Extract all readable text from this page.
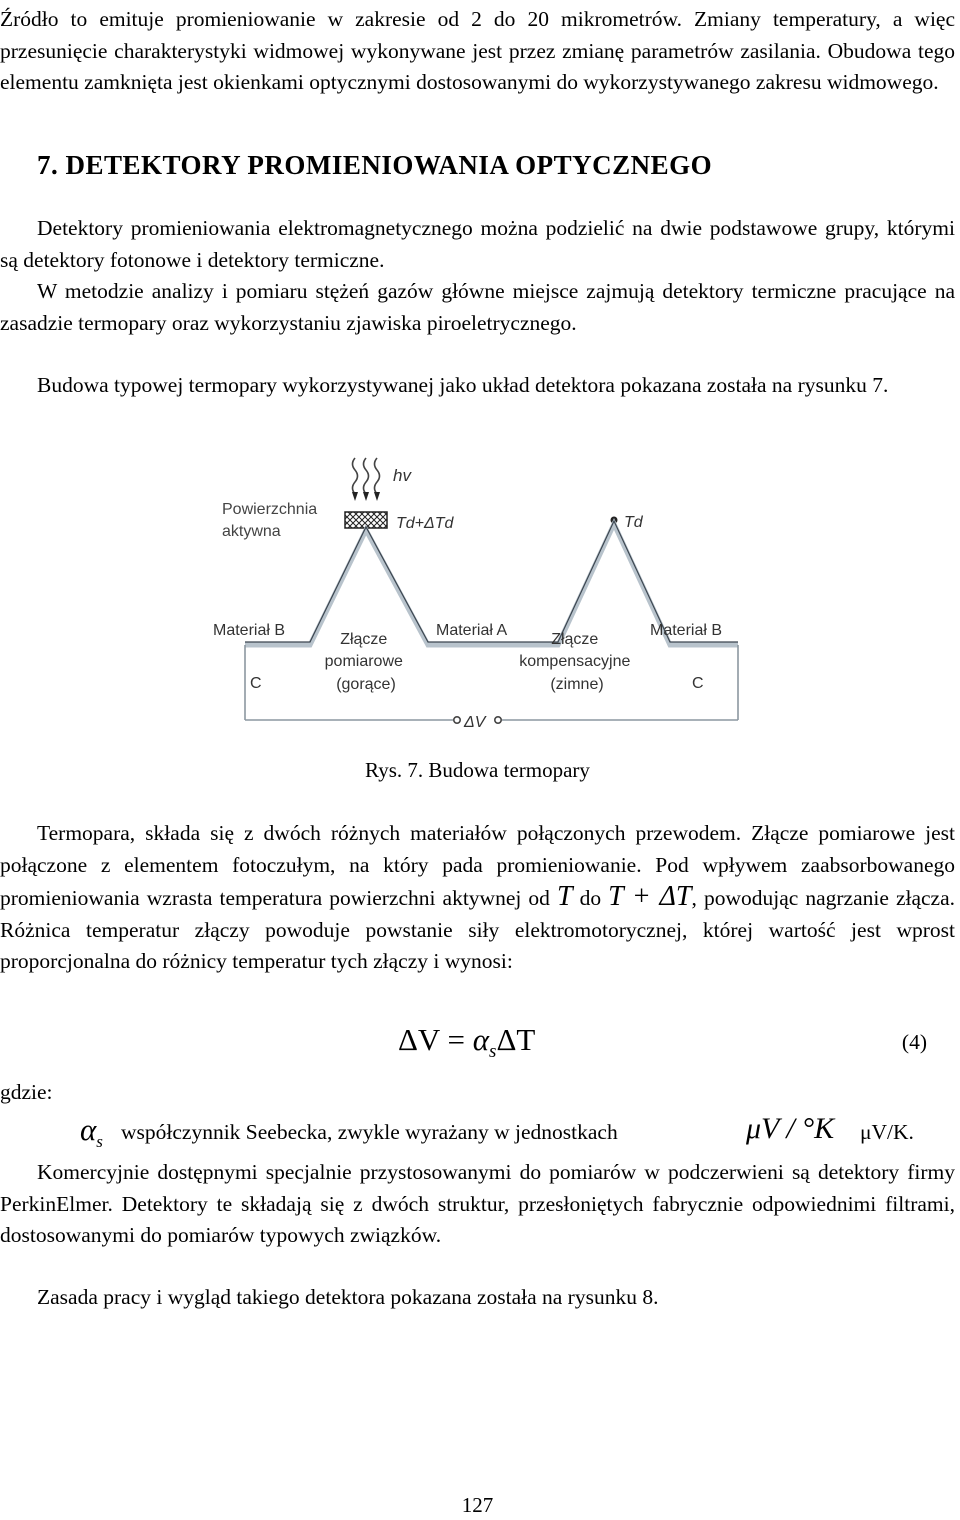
Źródło to emituje promieniowanie w zakresie od 2 do 20 mikrometrów. Zmiany temperatury, a więc przesunięcie charakterystyki widmowej wykonywane jest przez zmianę parametrów zasilania. Obudowa tego elementu zamknięta jest okienkami optycznymi dostosowanymi do wykorzystywanego zakresu widmowego.

7. DETEKTORY PROMIENIOWANIA OPTYCZNEGO

Detektory promieniowania elektromagnetycznego można podzielić na dwie podstawowe grupy, którymi są detektory fotonowe i detektory termiczne.

W metodzie analizy i pomiaru stężeń gazów główne miejsce zajmują detektory termiczne pracujące na zasadzie termopary oraz wykorzystaniu zjawiska piroeletrycznego.

Budowa typowej termopary wykorzystywanej jako układ detektora pokazana została na rysunku 7.

hv
Powierzchnia aktywna	Td+ΔTd	Td
Materiał B	Materiał A	Materiał B
Złącze pomiarowe (gorące)
Złącze kompensacyjne (zimne)
C	C
ΔV
Rys. 7. Budowa termopary

Termopara, składa się z dwóch różnych materiałów połączonych przewodem. Złącze pomiarowe jest połączone z elementem fotoczułym, na który pada promieniowanie. Pod wpływem zaabsorbowanego promieniowania wzrasta temperatura powierzchni aktywnej od T do T + ΔT, powodując nagrzanie złącza. Różnica temperatur złączy powoduje powstanie siły elektromotorycznej, której wartość jest wprost proporcjonalna do różnicy temperatur tych złączy i wynosi:

$\Delta V = \alpha_s\Delta T$	(4)
gdzie:
$\alpha_s$ współczynnik Seebecka, zwykle wyrażany w jednostkach	μV / °K μV/K.

Komercyjnie dostępnymi specjalnie przystosowanymi do pomiarów w podczerwieni są detektory firmy PerkinElmer. Detektory te składają się z dwóch struktur, przesłoniętych fabrycznie odpowiednimi filtrami, dostosowanymi do pomiarów typowych związków.

Zasada pracy i wygląd takiego detektora pokazana została na rysunku 8.

127
